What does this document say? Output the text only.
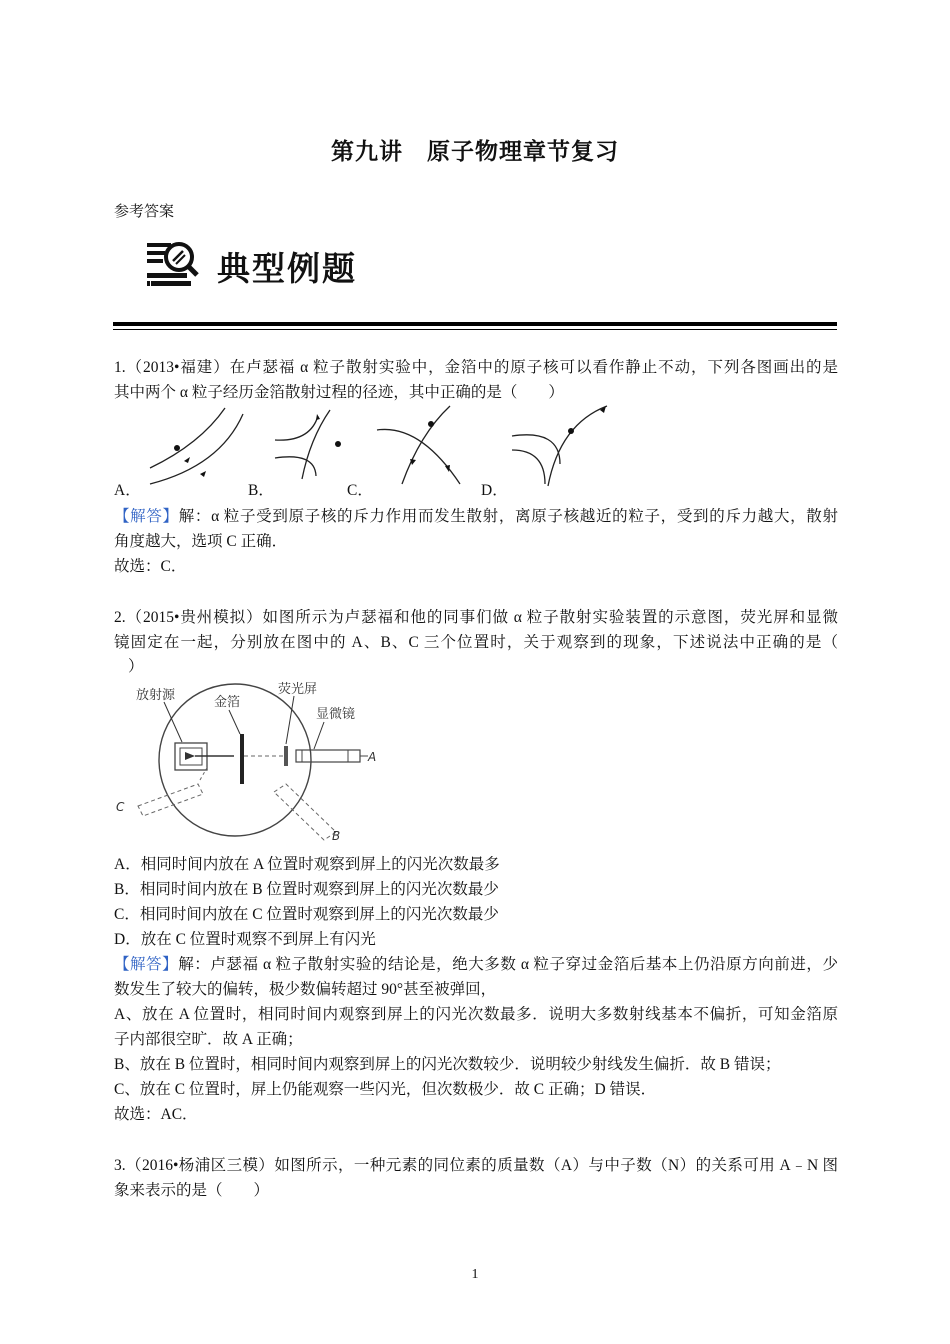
第九讲　原子物理章节复习
参考答案
典型例题
1.（2013•福建）在卢瑟福 α 粒子散射实验中，金箔中的原子核可以看作静止不动，下列各图画出的是
其中两个 α 粒子经历金箔散射过程的径迹，其中正确的是（　　）
A．	B．	C．	D．
【解答】解：α 粒子受到原子核的斥力作用而发生散射，离原子核越近的粒子，受到的斥力越大，散射
角度越大，选项 C 正确．
故选：C．
2.（2015•贵州模拟）如图所示为卢瑟福和他的同事们做 α 粒子散射实验装置的示意图，荧光屏和显微
镜固定在一起，分别放在图中的 A、B、C 三个位置时，关于观察到的现象，下述说法中正确的是（
）
放射源	金箔
荧光屏
显微镜
A
B
C
A．相同时间内放在 A 位置时观察到屏上的闪光次数最多
B．相同时间内放在 B 位置时观察到屏上的闪光次数最少
C．相同时间内放在 C 位置时观察到屏上的闪光次数最少
D．放在 C 位置时观察不到屏上有闪光
【解答】解：卢瑟福 α 粒子散射实验的结论是，绝大多数 α 粒子穿过金箔后基本上仍沿原方向前进，少
数发生了较大的偏转，极少数偏转超过 90°甚至被弹回，
A、放在 A 位置时，相同时间内观察到屏上的闪光次数最多．说明大多数射线基本不偏折，可知金箔原
子内部很空旷．故 A 正确；
B、放在 B 位置时，相同时间内观察到屏上的闪光次数较少．说明较少射线发生偏折．故 B 错误；
C、放在 C 位置时，屏上仍能观察一些闪光，但次数极少．故 C 正确；D 错误．
故选：AC．
3.（2016•杨浦区三模）如图所示，一种元素的同位素的质量数（A）与中子数（N）的关系可用 A﹣N 图
象来表示的是（　　）
1
